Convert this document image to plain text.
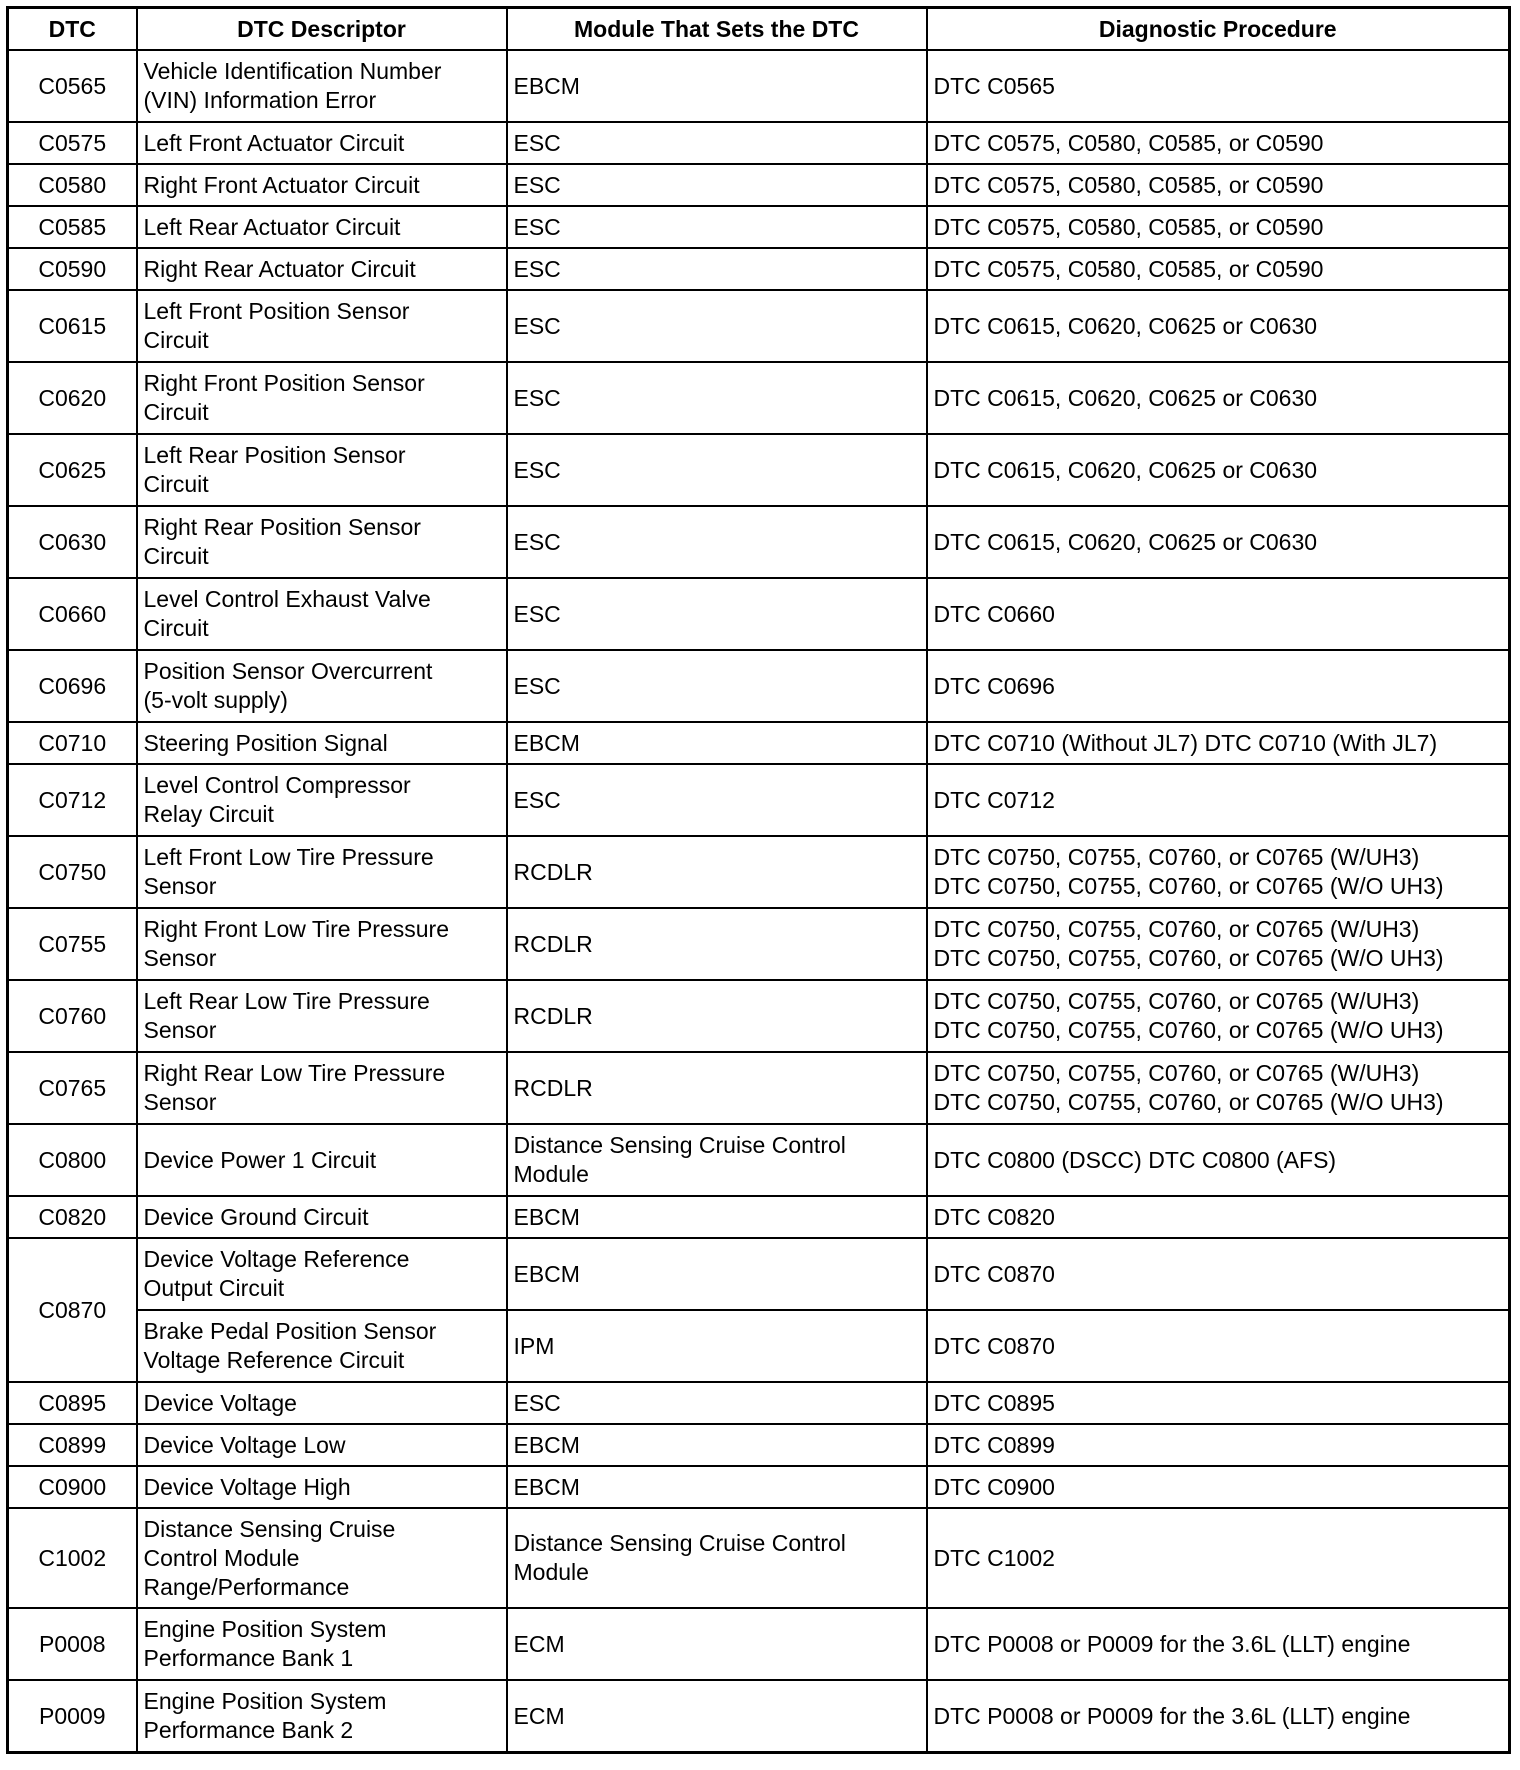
DTC	DTC Descriptor	Module That Sets the DTC	Diagnostic Procedure
C0565	Vehicle Identification Number
(VIN) Information Error	EBCM	DTC C0565

C0575	Left Front Actuator Circuit	ESC	DTC C0575, C0580, C0585, or C0590

C0580	Right Front Actuator Circuit	ESC	DTC C0575, C0580, C0585, or C0590

C0585	Left Rear Actuator Circuit	ESC	DTC C0575, C0580, C0585, or C0590

C0590	Right Rear Actuator Circuit	ESC	DTC C0575, C0580, C0585, or C0590

C0615	Left Front Position Sensor
Circuit	ESC	DTC C0615, C0620, C0625 or C0630

C0620	Right Front Position Sensor
Circuit	ESC	DTC C0615, C0620, C0625 or C0630

C0625	Left Rear Position Sensor
Circuit	ESC	DTC C0615, C0620, C0625 or C0630

C0630	Right Rear Position Sensor
Circuit	ESC	DTC C0615, C0620, C0625 or C0630

C0660	Level Control Exhaust Valve
Circuit	ESC	DTC C0660

C0696	Position Sensor Overcurrent
(5-volt supply)	ESC	DTC C0696

C0710	Steering Position Signal	EBCM	DTC C0710 (Without JL7) DTC C0710 (With JL7)

C0712	Level Control Compressor
Relay Circuit	ESC	DTC C0712

C0750	Left Front Low Tire Pressure
Sensor	RCDLR	DTC C0750, C0755, C0760, or C0765 (W/UH3)
DTC C0750, C0755, C0760, or C0765 (W/O UH3)

C0755	Right Front Low Tire Pressure
Sensor	RCDLR	DTC C0750, C0755, C0760, or C0765 (W/UH3)
DTC C0750, C0755, C0760, or C0765 (W/O UH3)

C0760	Left Rear Low Tire Pressure
Sensor	RCDLR	DTC C0750, C0755, C0760, or C0765 (W/UH3)
DTC C0750, C0755, C0760, or C0765 (W/O UH3)

C0765	Right Rear Low Tire Pressure
Sensor	RCDLR	DTC C0750, C0755, C0760, or C0765 (W/UH3)
DTC C0750, C0755, C0760, or C0765 (W/O UH3)

C0800	Device Power 1 Circuit	Distance Sensing Cruise Control
Module	DTC C0800 (DSCC) DTC C0800 (AFS)

C0820	Device Ground Circuit	EBCM	DTC C0820

C0870	Device Voltage Reference
Output Circuit	EBCM	DTC C0870

	Brake Pedal Position Sensor
Voltage Reference Circuit	IPM	DTC C0870

C0895	Device Voltage	ESC	DTC C0895

C0899	Device Voltage Low	EBCM	DTC C0899

C0900	Device Voltage High	EBCM	DTC C0900

C1002	Distance Sensing Cruise
Control Module
Range/Performance	Distance Sensing Cruise Control
Module	DTC C1002

P0008	Engine Position System
Performance Bank 1	ECM	DTC P0008 or P0009 for the 3.6L (LLT) engine

P0009	Engine Position System
Performance Bank 2	ECM	DTC P0008 or P0009 for the 3.6L (LLT) engine
